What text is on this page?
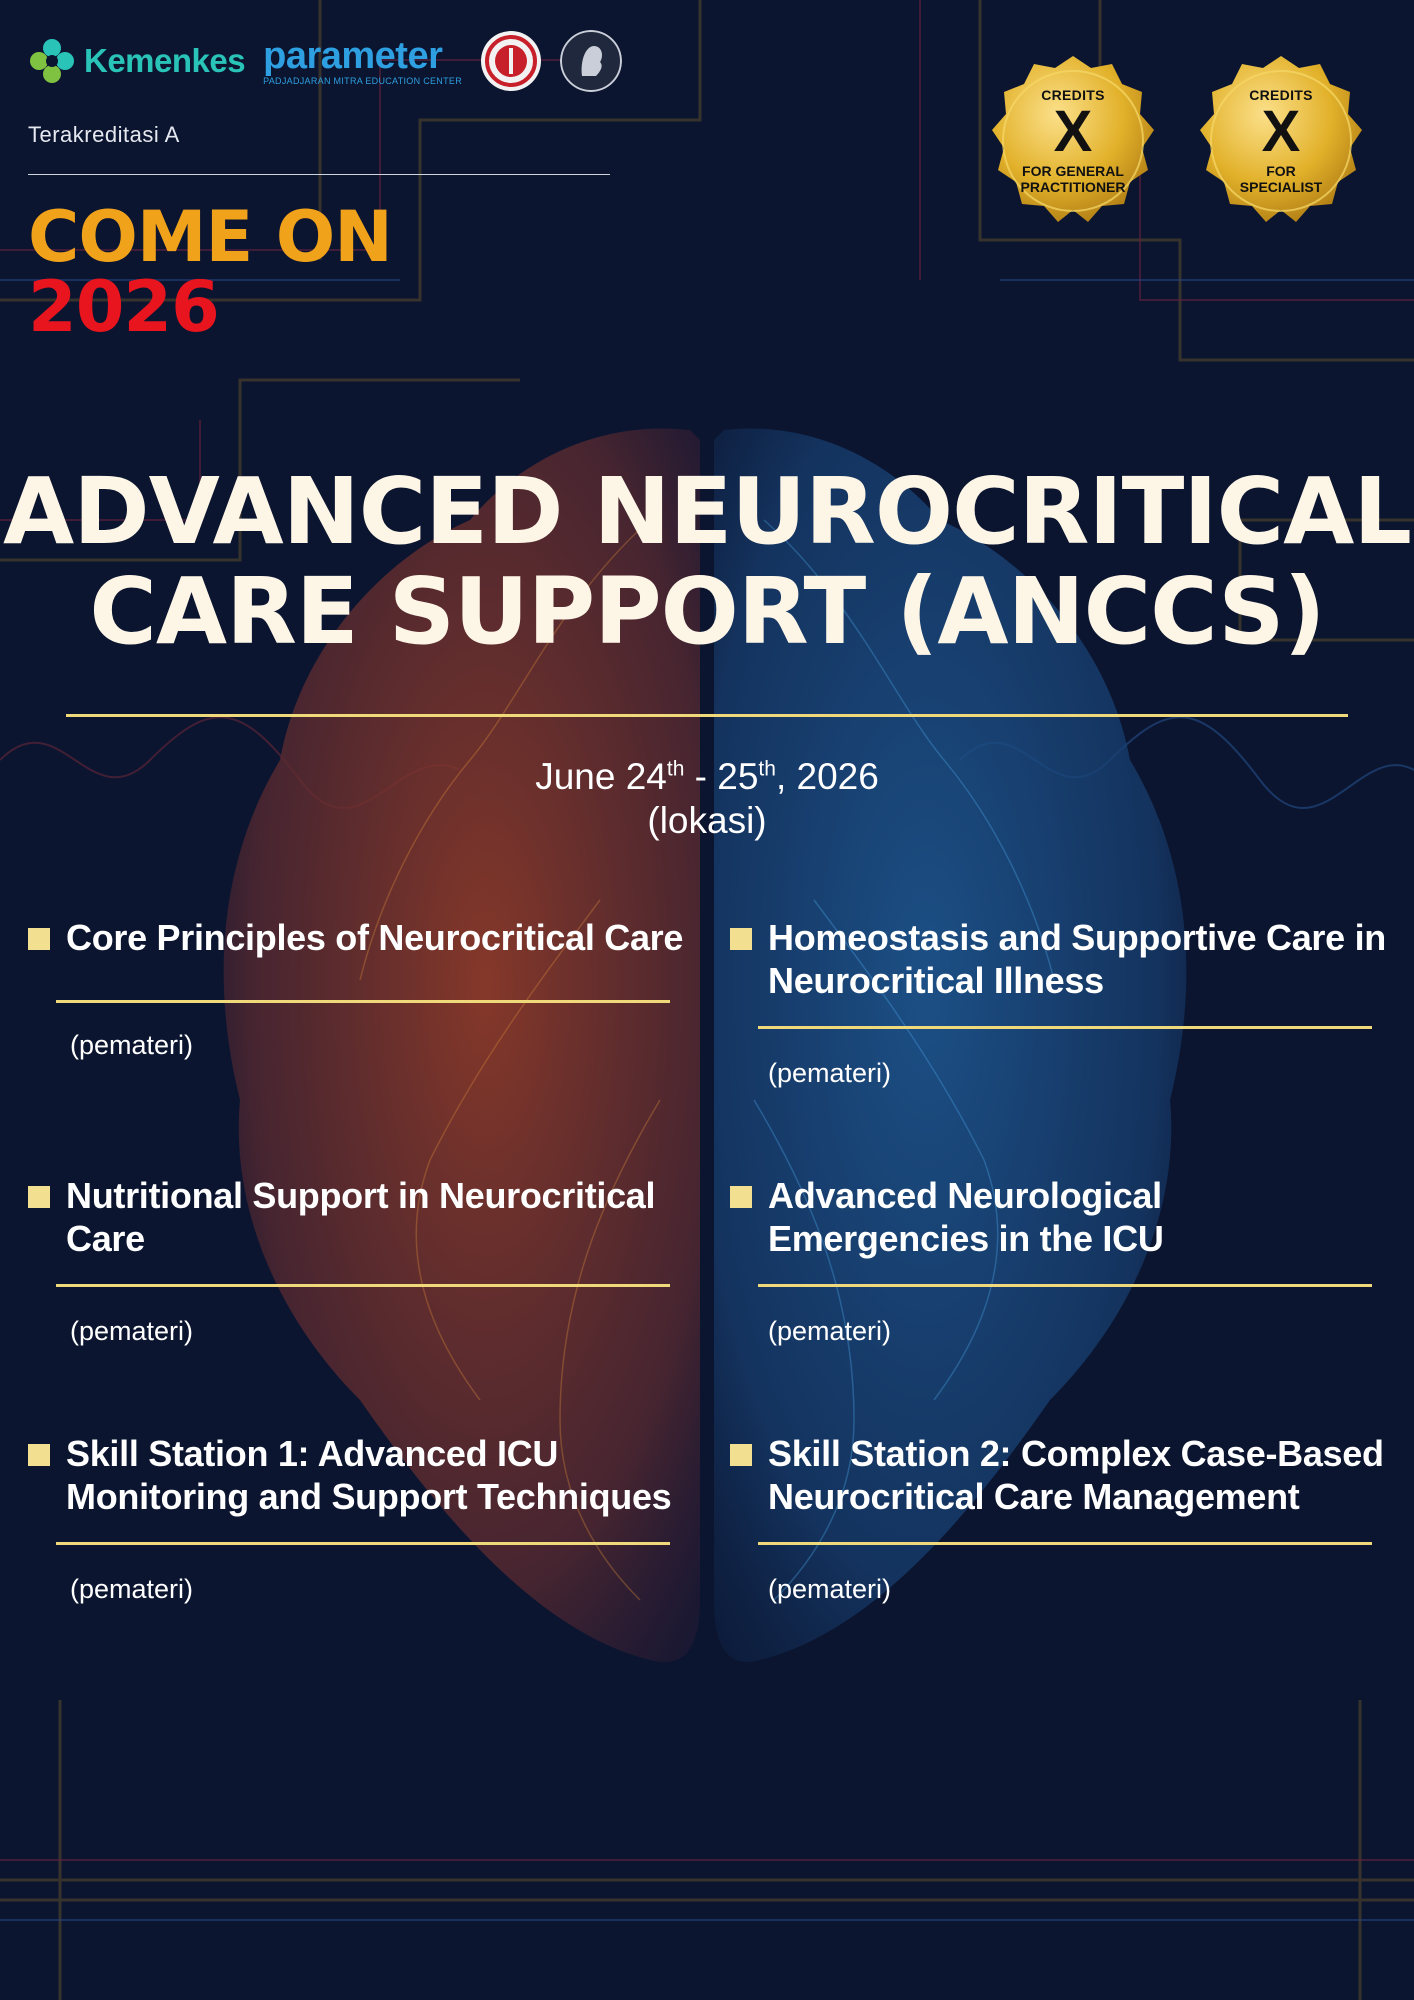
Kemenkes parameter
PADJADJARAN MITRA EDUCATION CENTER
Terakreditasi A
COME ON
2026
CREDITS
X
FOR GENERAL
PRACTITIONER
CREDITS
X
FOR
SPECIALIST
ADVANCED NEUROCRITICAL
CARE SUPPORT (ANCCS)
June 24th - 25th, 2026
(lokasi)
Core Principles of Neurocritical Care
(pemateri)
Homeostasis and Supportive Care in Neurocritical Illness
(pemateri)
Nutritional Support in Neurocritical Care
(pemateri)
Advanced Neurological Emergencies in the ICU
(pemateri)
Skill Station 1: Advanced ICU Monitoring and Support Techniques
(pemateri)
Skill Station 2: Complex Case-Based Neurocritical Care Management
(pemateri)
